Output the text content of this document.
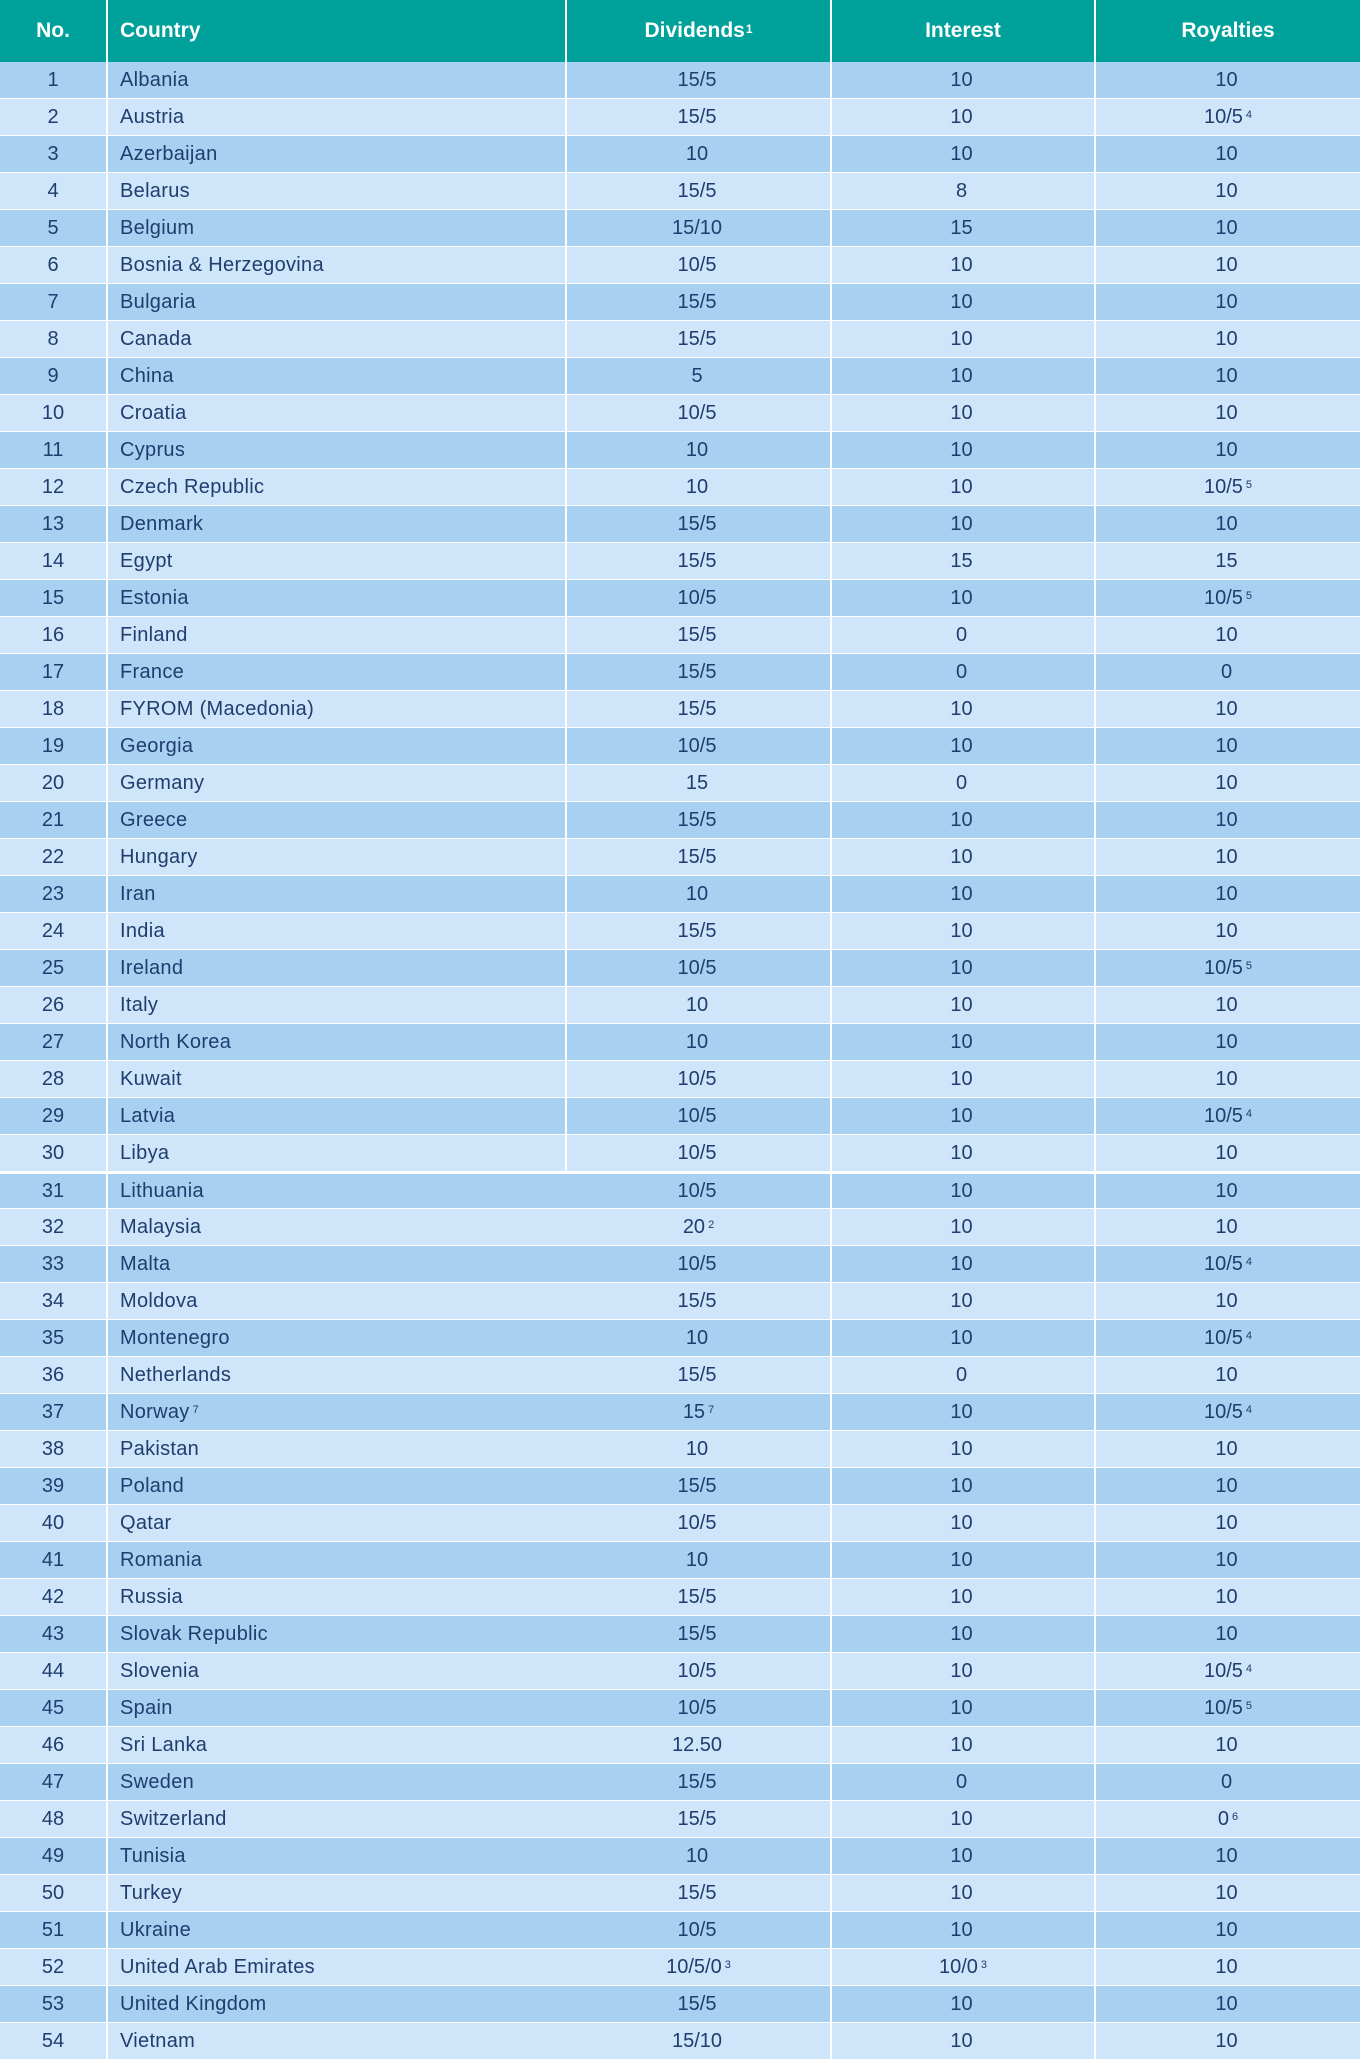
No. Country	Dividends$^1$	Interest	Royalties
1	Albania	15/5	10	10
2	Austria	15/5	10	10/5 $^4$
3	Azerbaijan	10	10	10
4	Belarus	15/5	8	10
5	Belgium	15/10	15	10
6	Bosnia & Herzegovina	10/5	10	10
7	Bulgaria	15/5	10	10
8	Canada	15/5	10	10
9	China	5	10	10
10	Croatia	10/5	10	10
11	Cyprus	10	10	10
12	Czech Republic	10	10	10/5 $^5$
13	Denmark	15/5	10	10
14	Egypt	15/5	15	15
15	Estonia	10/5	10	10/5 $^5$
16	Finland	15/5	0	10
17	France	15/5	0	0
18	FYROM (Macedonia)	15/5	10	10
19	Georgia	10/5	10	10
20	Germany	15	0	10
21	Greece	15/5	10	10
22	Hungary	15/5	10	10
23	Iran	10	10	10
24	India	15/5	10	10
25	Ireland	10/5	10	10/5 $^5$
26	Italy	10	10	10
27	North Korea	10	10	10
28	Kuwait	10/5	10	10
29	Latvia	10/5	10	10/5 $^4$
30	Libya	10/5	10	10
31	Lithuania	10/5	10	10
32	Malaysia	20 $^2$	10	10
33	Malta	10/5	10	10/5 $^4$
34	Moldova	15/5	10	10
35	Montenegro	10	10	10/5 $^4$
36	Netherlands	15/5	0	10
37	Norway $^7$	15 $^7$	10	10/5 $^4$
38	Pakistan	10	10	10
39	Poland	15/5	10	10
40	Qatar	10/5	10	10
41	Romania	10	10	10
42	Russia	15/5	10	10
43	Slovak Republic	15/5	10	10
44	Slovenia	10/5	10	10/5 $^4$
45	Spain	10/5	10	10/5 $^5$
46	Sri Lanka	12.50	10	10
47	Sweden	15/5	0	0
48	Switzerland	15/5	10	0 $^6$
49	Tunisia	10	10	10
50	Turkey	15/5	10	10
51	Ukraine	10/5	10	10
52	United Arab Emirates	10/5/0 $^3$	10/0 $^3$	10
53	United Kingdom	15/5	10	10
54	Vietnam	15/10	10	10
